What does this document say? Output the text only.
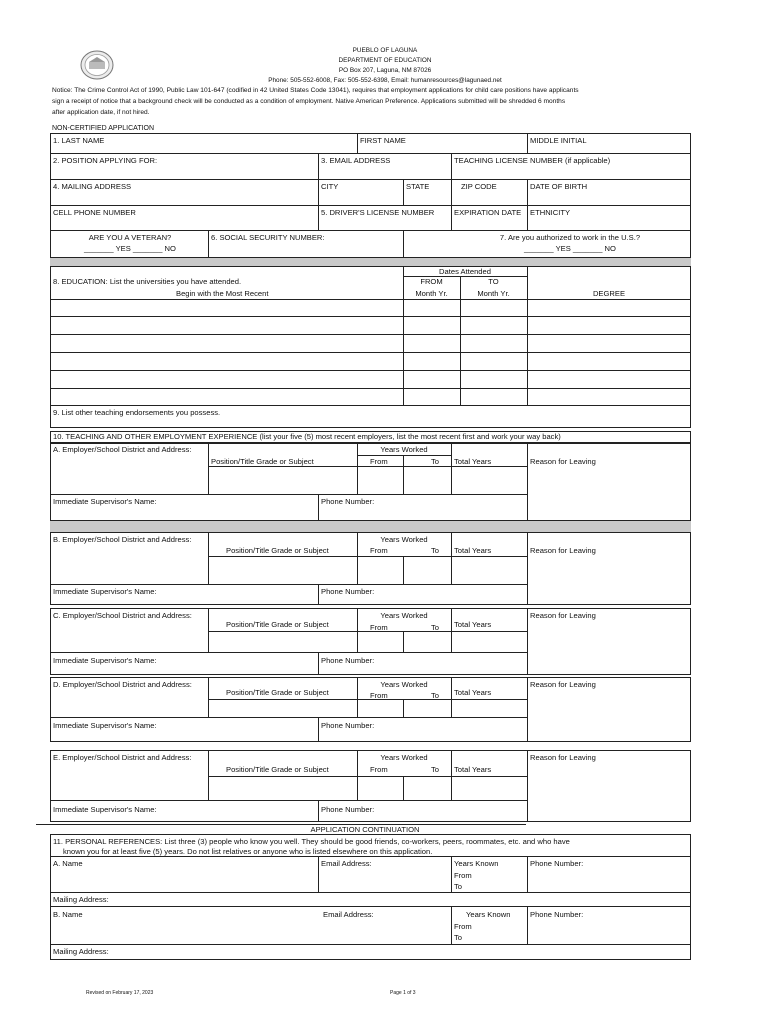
PUEBLO OF LAGUNA
DEPARTMENT OF EDUCATION
PO Box 207, Laguna, NM 87026
Phone: 505-552-6008, Fax: 505-552-6398, Email: humanresources@lagunaed.net
Notice: The Crime Control Act of 1990, Public Law 101-647 (codified in 42 United States Code 13041), requires that employment applications for child care positions have applicants
sign a receipt of notice that a background check will be conducted as a condition of employment. Native American Preference. Applications submitted will be shredded 6 months
after application date, if not hired.
NON-CERTIFIED APPLICATION
1. LAST NAME	FIRST NAME	MIDDLE INITIAL
2. POSITION APPLYING FOR:	3. EMAIL ADDRESS	TEACHING LICENSE NUMBER (if applicable)
4. MAILING ADDRESS	CITY	STATE	ZIP CODE	DATE OF BIRTH
CELL PHONE NUMBER	5. DRIVER'S LICENSE NUMBER	EXPIRATION DATE ETHNICITY
ARE YOU A VETERAN?
_______ YES _______ NO
6. SOCIAL SECURITY NUMBER:	7. Are you authorized to work in the U.S.?
_______ YES _______ NO
Dates Attended
FROM	TO
8. EDUCATION: List the universities you have attended.
Begin with the Most Recent	Month Yr.	Month Yr.	DEGREE
9. List other teaching endorsements you possess.
10. TEACHING AND OTHER EMPLOYMENT EXPERIENCE (list your five (5) most recent employers, list the most recent first and work your way back)
A. Employer/School District and Address:	Years Worked
Position/Title Grade or Subject	From	To Total Years	Reason for Leaving
Immediate Supervisor's Name:	Phone Number:
B. Employer/School District and Address:	Years Worked
Position/Title Grade or Subject	From	To Total Years	Reason for Leaving
Immediate Supervisor's Name:	Phone Number:
C. Employer/School District and Address:	Years Worked
Position/Title Grade or Subject	From	To Total Years
Reason for Leaving
Immediate Supervisor's Name:	Phone Number:
D. Employer/School District and Address:	Years Worked
Position/Title Grade or Subject	From	To Total Years
Reason for Leaving
Immediate Supervisor's Name:	Phone Number:
E. Employer/School District and Address:	Years Worked
Position/Title Grade or Subject	From	To Total Years
Reason for Leaving
Immediate Supervisor's Name:	Phone Number:
APPLICATION CONTINUATION
11. PERSONAL REFERENCES: List three (3) people who know you well. They should be good friends, co-workers, peers, roommates, etc. and who have
known you for at least five (5) years. Do not list relatives or anyone who is listed elsewhere on this application.
A. Name	Email Address:	Years Known
From
To
Phone Number:
Mailing Address:
B. Name	Email Address:	Years Known
From
To
Phone Number:
Mailing Address:
Revised on February 17, 2023	Page 1 of 3
